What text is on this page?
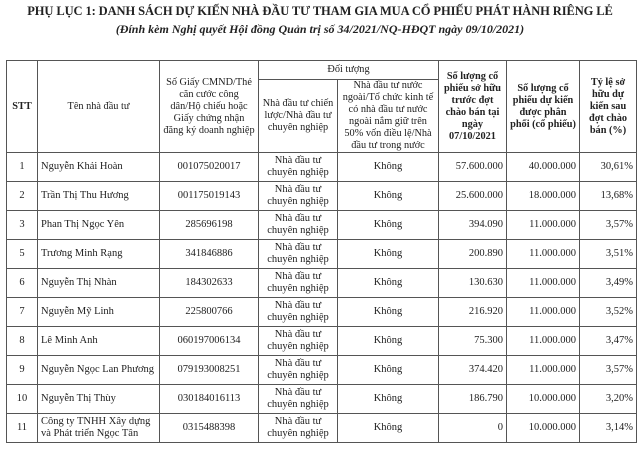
PHỤ LỤC 1: DANH SÁCH DỰ KIẾN NHÀ ĐẦU TƯ THAM GIA MUA CỔ PHIẾU PHÁT HÀNH RIÊNG LẺ
(Đính kèm Nghị quyết Hội đồng Quản trị số 34/2021/NQ-HĐQT ngày 09/10/2021)
STT	Tên nhà đầu tư	Số Giấy CMND/Thẻ căn cước công dân/Hộ chiếu hoặc Giấy chứng nhận đăng ký doanh nghiệp	Đối tượng		Số lượng cổ phiếu sở hữu trước đợt chào bán tại ngày 07/10/2021	Số lượng cổ phiếu dự kiến được phân phối (cổ phiếu)	Tỷ lệ sở hữu dự kiến sau đợt chào bán (%)
			Nhà đầu tư chiến lược/Nhà đầu tư chuyên nghiệp	Nhà đầu tư nước ngoài/Tổ chức kinh tế có nhà đầu tư nước ngoài nắm giữ trên 50% vốn điều lệ/Nhà đầu tư trong nước			
1	Nguyễn Khải Hoàn	001075020017	Nhà đầu tư chuyên nghiệp	Không	57.600.000	40.000.000	30,61%
2	Trần Thị Thu Hương	001175019143	Nhà đầu tư chuyên nghiệp	Không	25.600.000	18.000.000	13,68%
3	Phan Thị Ngọc Yên	285696198	Nhà đầu tư chuyên nghiệp	Không	394.090	11.000.000	3,57%
5	Trương Minh Rạng	341846886	Nhà đầu tư chuyên nghiệp	Không	200.890	11.000.000	3,51%
6	Nguyễn Thị Nhàn	184302633	Nhà đầu tư chuyên nghiệp	Không	130.630	11.000.000	3,49%
7	Nguyễn Mỹ Linh	225800766	Nhà đầu tư chuyên nghiệp	Không	216.920	11.000.000	3,52%
8	Lê Minh Anh	060197006134	Nhà đầu tư chuyên nghiệp	Không	75.300	11.000.000	3,47%
9	Nguyễn Ngọc Lan Phương	079193008251	Nhà đầu tư chuyên nghiệp	Không	374.420	11.000.000	3,57%
10	Nguyễn Thị Thùy	030184016113	Nhà đầu tư chuyên nghiệp	Không	186.790	10.000.000	3,20%
11	Công ty TNHH Xây dựng và Phát triển Ngọc Tân	0315488398	Nhà đầu tư chuyên nghiệp	Không	0	10.000.000	3,14%
